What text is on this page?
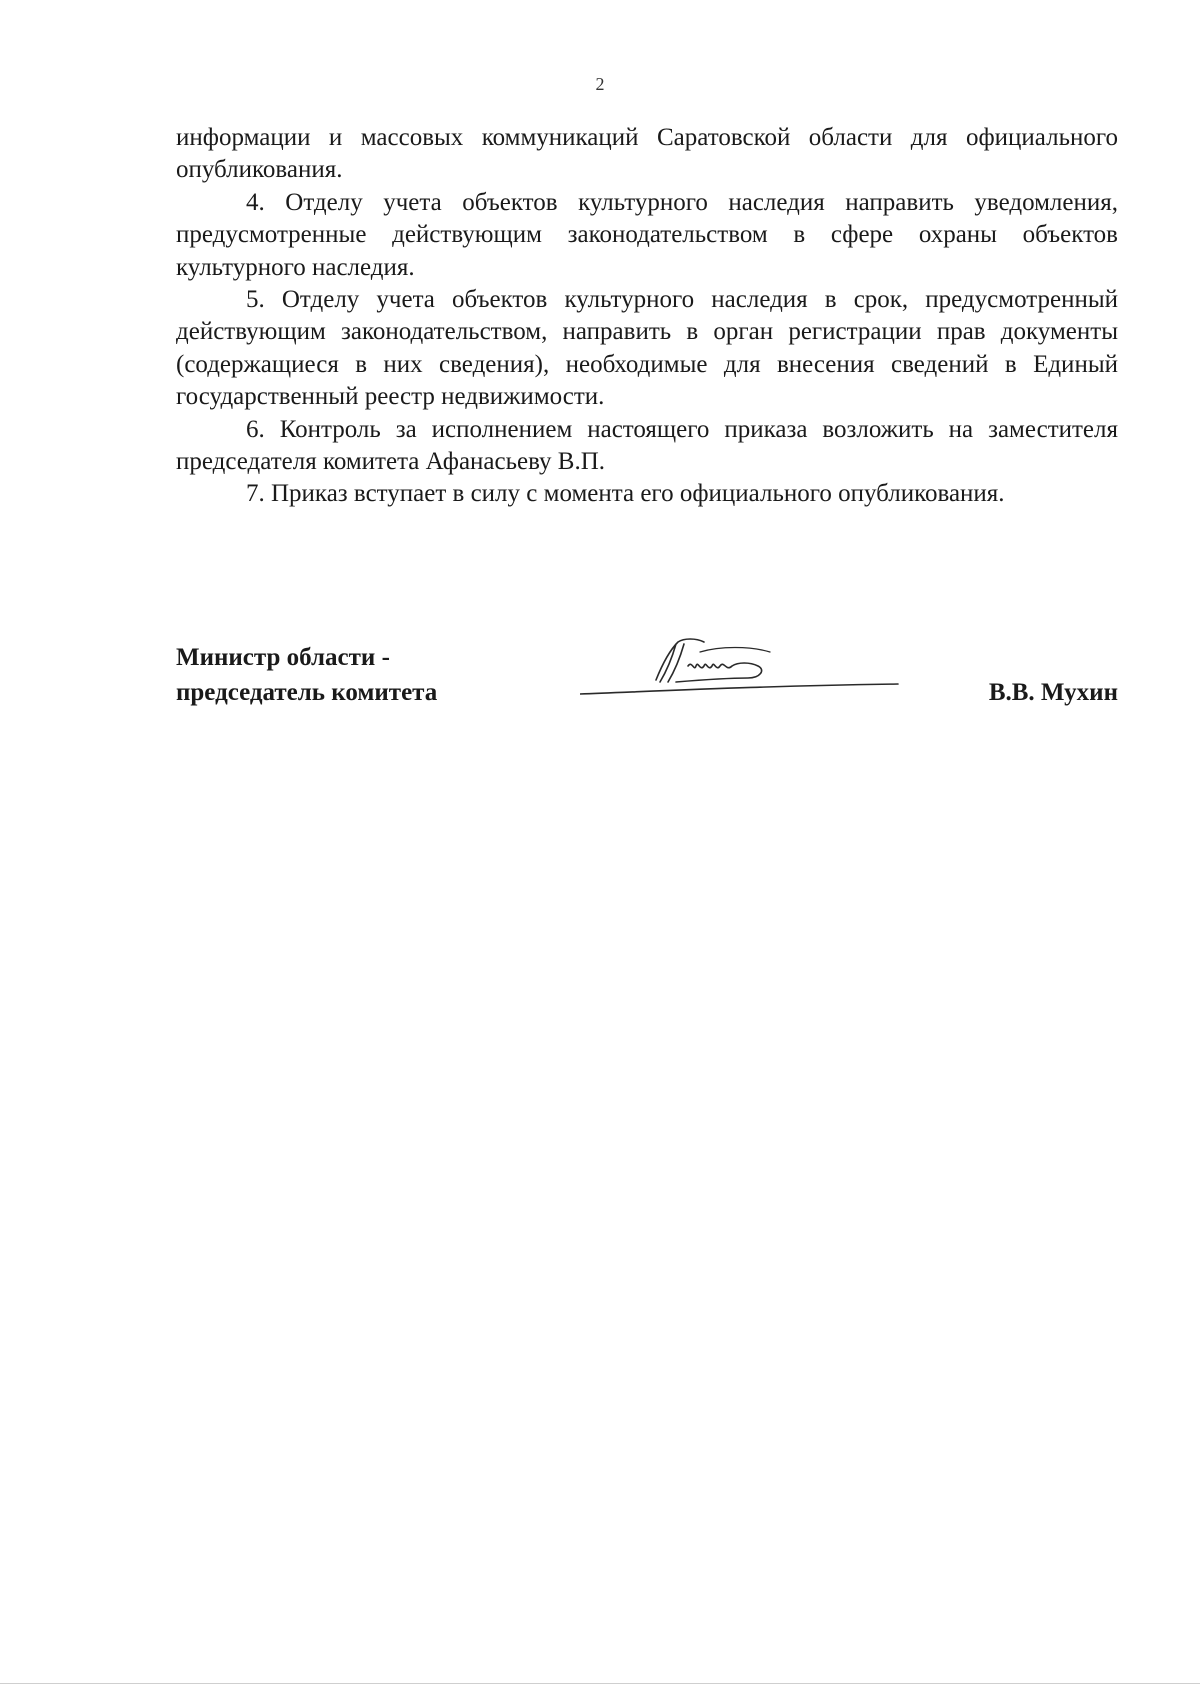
2

информации и массовых коммуникаций Саратовской области для официального опубликования.

4. Отделу учета объектов культурного наследия направить уведомления, предусмотренные действующим законодательством в сфере охраны объектов культурного наследия.

5. Отделу учета объектов культурного наследия в срок, предусмотренный действующим законодательством, направить в орган регистрации прав документы (содержащиеся в них сведения), необходимые для внесения сведений в Единый государственный реестр недвижимости.

6. Контроль за исполнением настоящего приказа возложить на заместителя председателя комитета Афанасьеву В.П.

7. Приказ вступает в силу с момента его официального опубликования.

Министр области -
председатель комитета	В.В. Мухин
